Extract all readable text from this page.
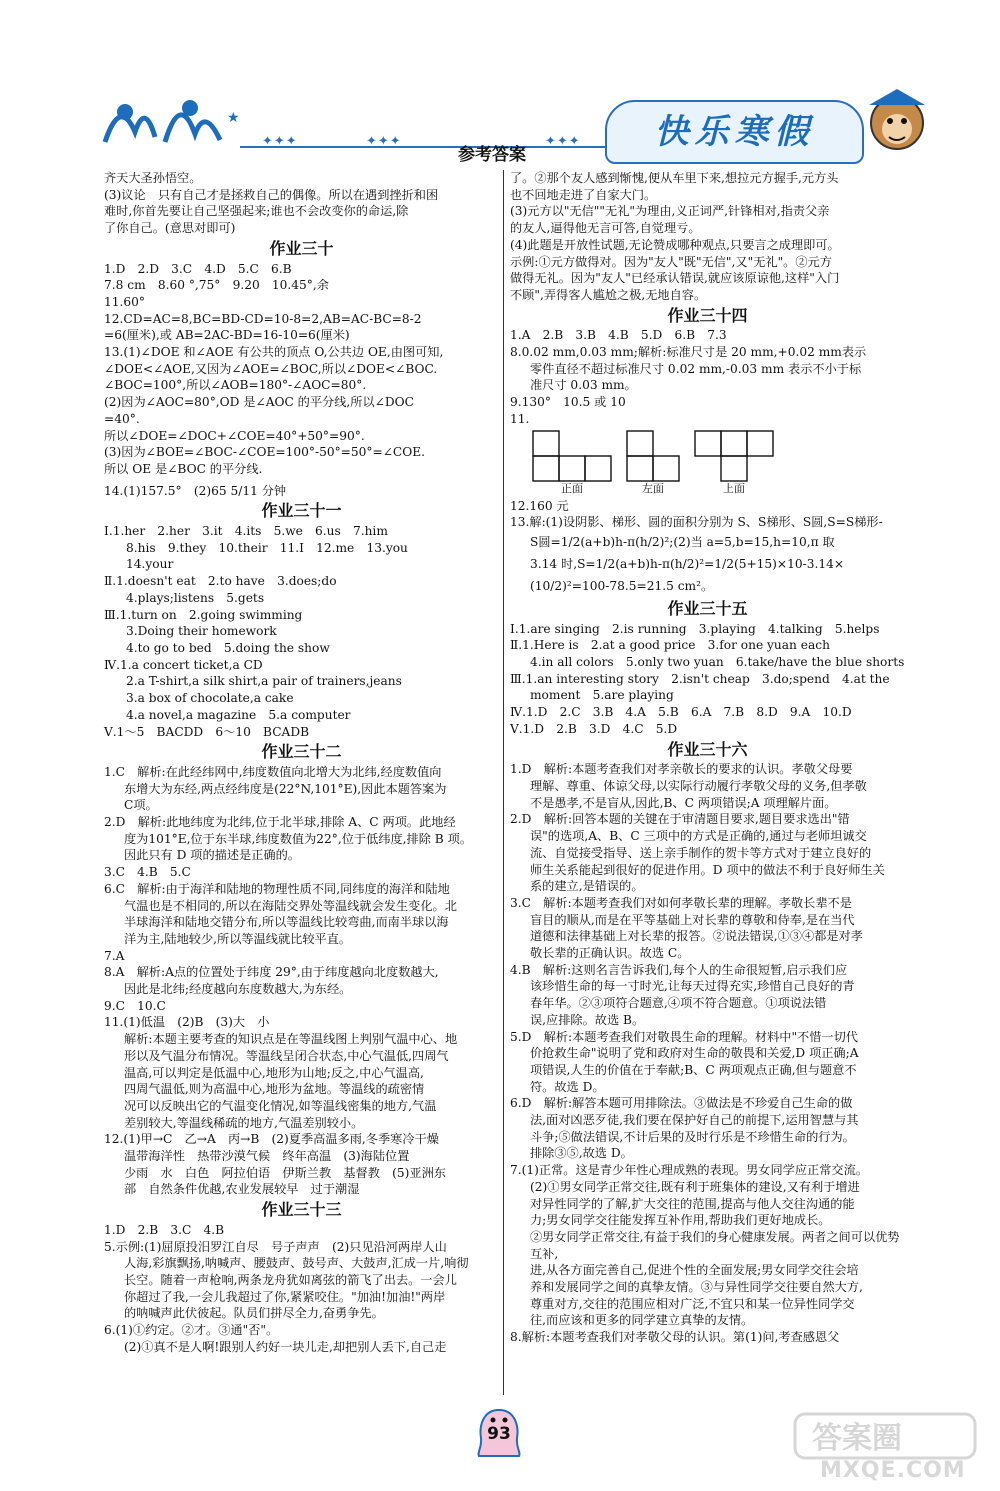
★
✦✦✦	✦✦✦	✦✦✦
参考答案
快乐寒假
齐天大圣孙悟空。
(3)议论　只有自己才是拯救自己的偶像。所以在遇到挫折和困
难时,你首先要让自己坚强起来;谁也不会改变你的命运,除
了你自己。(意思对即可)
作业三十
1.D　2.D　3.C　4.D　5.C　6.B
7.8 cm　8.60 °,75°　9.20　10.45°,余
11.60°
12.CD=AC=8,BC=BD-CD=10-8=2,AB=AC-BC=8-2
=6(厘米),或 AB=2AC-BD=16-10=6(厘米)
13.(1)∠DOE 和∠AOE 有公共的顶点 O,公共边 OE,由图可知,
∠DOE<∠AOE,又因为∠AOE=∠BOC,所以∠DOE<∠BOC.
∠BOC=100°,所以∠AOB=180°-∠AOC=80°.
(2)因为∠AOC=80°,OD 是∠AOC 的平分线,所以∠DOC
=40°.
所以∠DOE=∠DOC+∠COE=40°+50°=90°.
(3)因为∠BOE=∠BOC-∠COE=100°-50°=50°=∠COE.
所以 OE 是∠BOC 的平分线.
14.(1)157.5°　(2)65 5/11 分钟
作业三十一
Ⅰ.1.her　2.her　3.it　4.its　5.we　6.us　7.him
8.his　9.they　10.their　11.I　12.me　13.you
14.your
Ⅱ.1.doesn't eat　2.to have　3.does;do
4.plays;listens　5.gets
Ⅲ.1.turn on　2.going swimming
3.Doing their homework
4.to go to bed　5.doing the show
Ⅳ.1.a concert ticket,a CD
2.a T-shirt,a silk shirt,a pair of trainers,jeans
3.a box of chocolate,a cake
4.a novel,a magazine　5.a computer
Ⅴ.1～5　BACDD　6～10　BCADB
作业三十二
1.C　解析:在此经纬网中,纬度数值向北增大为北纬,经度数值向
东增大为东经,两点经纬度是(22°N,101°E),因此本题答案为
C项。
2.D　解析:此地纬度为北纬,位于北半球,排除 A、C 两项。此地经
度为101°E,位于东半球,纬度数值为22°,位于低纬度,排除 B 项。
因此只有 D 项的描述是正确的。
3.C　4.B　5.C
6.C　解析:由于海洋和陆地的物理性质不同,同纬度的海洋和陆地
气温也是不相同的,所以在海陆交界处等温线就会发生变化。北
半球海洋和陆地交错分布,所以等温线比较弯曲,而南半球以海
洋为主,陆地较少,所以等温线就比较平直。
7.A
8.A　解析:A点的位置处于纬度 29°,由于纬度越向北度数越大,
因此是北纬;经度越向东度数越大,为东经。
9.C　10.C
11.(1)低温　(2)B　(3)大　小
解析:本题主要考查的知识点是在等温线图上判别气温中心、地
形以及气温分布情况。等温线呈闭合状态,中心气温低,四周气
温高,可以判定是低温中心,地形为山地;反之,中心气温高,
四周气温低,则为高温中心,地形为盆地。等温线的疏密情
况可以反映出它的气温变化情况,如等温线密集的地方,气温
差别较大,等温线稀疏的地方,气温差别较小。
12.(1)甲→C　乙→A　丙→B　(2)夏季高温多雨,冬季寒冷干燥
温带海洋性　热带沙漠气候　终年高温　(3)海陆位置
少雨　水　白色　阿拉伯语　伊斯兰教　基督教　(5)亚洲东
部　自然条件优越,农业发展较早　过于潮湿
作业三十三
1.D　2.B　3.C　4.B
5.示例:(1)屈原投汨罗江自尽　号子声声　(2)只见沿河两岸人山
人海,彩旗飘扬,呐喊声、腰鼓声、鼓号声、大鼓声,汇成一片,响彻
长空。随着一声枪响,两条龙舟犹如离弦的箭飞了出去。一会儿
你超过了我,一会儿我超过了你,紧紧咬住。"加油!加油!"两岸
的呐喊声此伏彼起。队员们拼尽全力,奋勇争先。
6.(1)①约定。②才。③通"否"。
(2)①真不是人啊!跟别人约好一块儿走,却把别人丢下,自己走
了。②那个友人感到惭愧,便从车里下来,想拉元方握手,元方头
也不回地走进了自家大门。
(3)元方以"无信""无礼"为理由,义正词严,针锋相对,指责父亲
的友人,逼得他无言可答,自觉理亏。
(4)此题是开放性试题,无论赞成哪种观点,只要言之成理即可。
示例:①元方做得对。因为"友人"既"无信",又"无礼"。②元方
做得无礼。因为"友人"已经承认错误,就应该原谅他,这样"入门
不顾",弄得客人尴尬之极,无地自容。
作业三十四
1.A　2.B　3.B　4.B　5.D　6.B　7.3
8.0.02 mm,0.03 mm;解析:标准尺寸是 20 mm,+0.02 mm表示
零件直径不超过标准尺寸 0.02 mm,-0.03 mm 表示不小于标
准尺寸 0.03 mm。
9.130°　10.5 或 10
11.
正面	左面	上面
12.160 元
13.解:(1)设阴影、梯形、圆的面积分别为 S、S梯形、S圆,S=S梯形-
S圆=1/2(a+b)h-π(h/2)²;(2)当 a=5,b=15,h=10,π 取
3.14 时,S=1/2(a+b)h-π(h/2)²=1/2(5+15)×10-3.14×
(10/2)²=100-78.5=21.5 cm²。
作业三十五
Ⅰ.1.are singing　2.is running　3.playing　4.talking　5.helps
Ⅱ.1.Here is　2.at a good price　3.for one yuan each
4.in all colors　5.only two yuan　6.take/have the blue shorts
Ⅲ.1.an interesting story　2.isn't cheap　3.do;spend　4.at the
moment　5.are playing
Ⅳ.1.D　2.C　3.B　4.A　5.B　6.A　7.B　8.D　9.A　10.D
Ⅴ.1.D　2.B　3.D　4.C　5.D
作业三十六
1.D　解析:本题考查我们对孝亲敬长的要求的认识。孝敬父母要
理解、尊重、体谅父母,以实际行动履行孝敬父母的义务,但孝敬
不是愚孝,不是盲从,因此,B、C 两项错误;A 项理解片面。
2.D　解析:回答本题的关键在于审清题目要求,题目要求选出"错
误"的选项,A、B、C 三项中的方式是正确的,通过与老师坦诚交
流、自觉接受指导、送上亲手制作的贺卡等方式对于建立良好的
师生关系能起到很好的促进作用。D 项中的做法不利于良好师生关
系的建立,是错误的。
3.C　解析:本题考查我们对如何孝敬长辈的理解。孝敬长辈不是
盲目的顺从,而是在平等基础上对长辈的尊敬和侍奉,是在当代
道德和法律基础上对长辈的报答。②说法错误,①③④都是对孝
敬长辈的正确认识。故选 C。
4.B　解析:这则名言告诉我们,每个人的生命很短暂,启示我们应
该珍惜生命的每一寸时光,让每天过得充实,珍惜自己良好的青
春年华。②③项符合题意,④项不符合题意。①项说法错
误,应排除。故选 B。
5.D　解析:本题考查我们对敬畏生命的理解。材料中"不惜一切代
价抢救生命"说明了党和政府对生命的敬畏和关爱,D 项正确;A
项错误,人生的价值在于奉献;B、C 两项观点正确,但与题意不
符。故选 D。
6.D　解析:解答本题可用排除法。③做法是不珍爱自己生命的做
法,面对凶恶歹徒,我们要在保护好自己的前提下,运用智慧与其
斗争;⑤做法错误,不计后果的及时行乐是不珍惜生命的行为。
排除③⑤,故选 D。
7.(1)正常。这是青少年性心理成熟的表现。男女同学应正常交流。
(2)①男女同学正常交往,既有利于班集体的建设,又有利于增进
对异性同学的了解,扩大交往的范围,提高与他人交往沟通的能
力;男女同学交往能发挥互补作用,帮助我们更好地成长。
②男女同学正常交往,有益于我们的身心健康发展。两者之间可以优势互补,
进,从各方面完善自己,促进个性的全面发展;男女同学交往会培
养和发展同学之间的真挚友情。③与异性同学交往要自然大方,
尊重对方,交往的范围应相对广泛,不宜只和某一位异性同学交
往,而应该和更多的同学建立真挚的友情。
8.解析:本题考查我们对孝敬父母的认识。第(1)问,考查感恩父
93	答案圈
MXQE.COM
